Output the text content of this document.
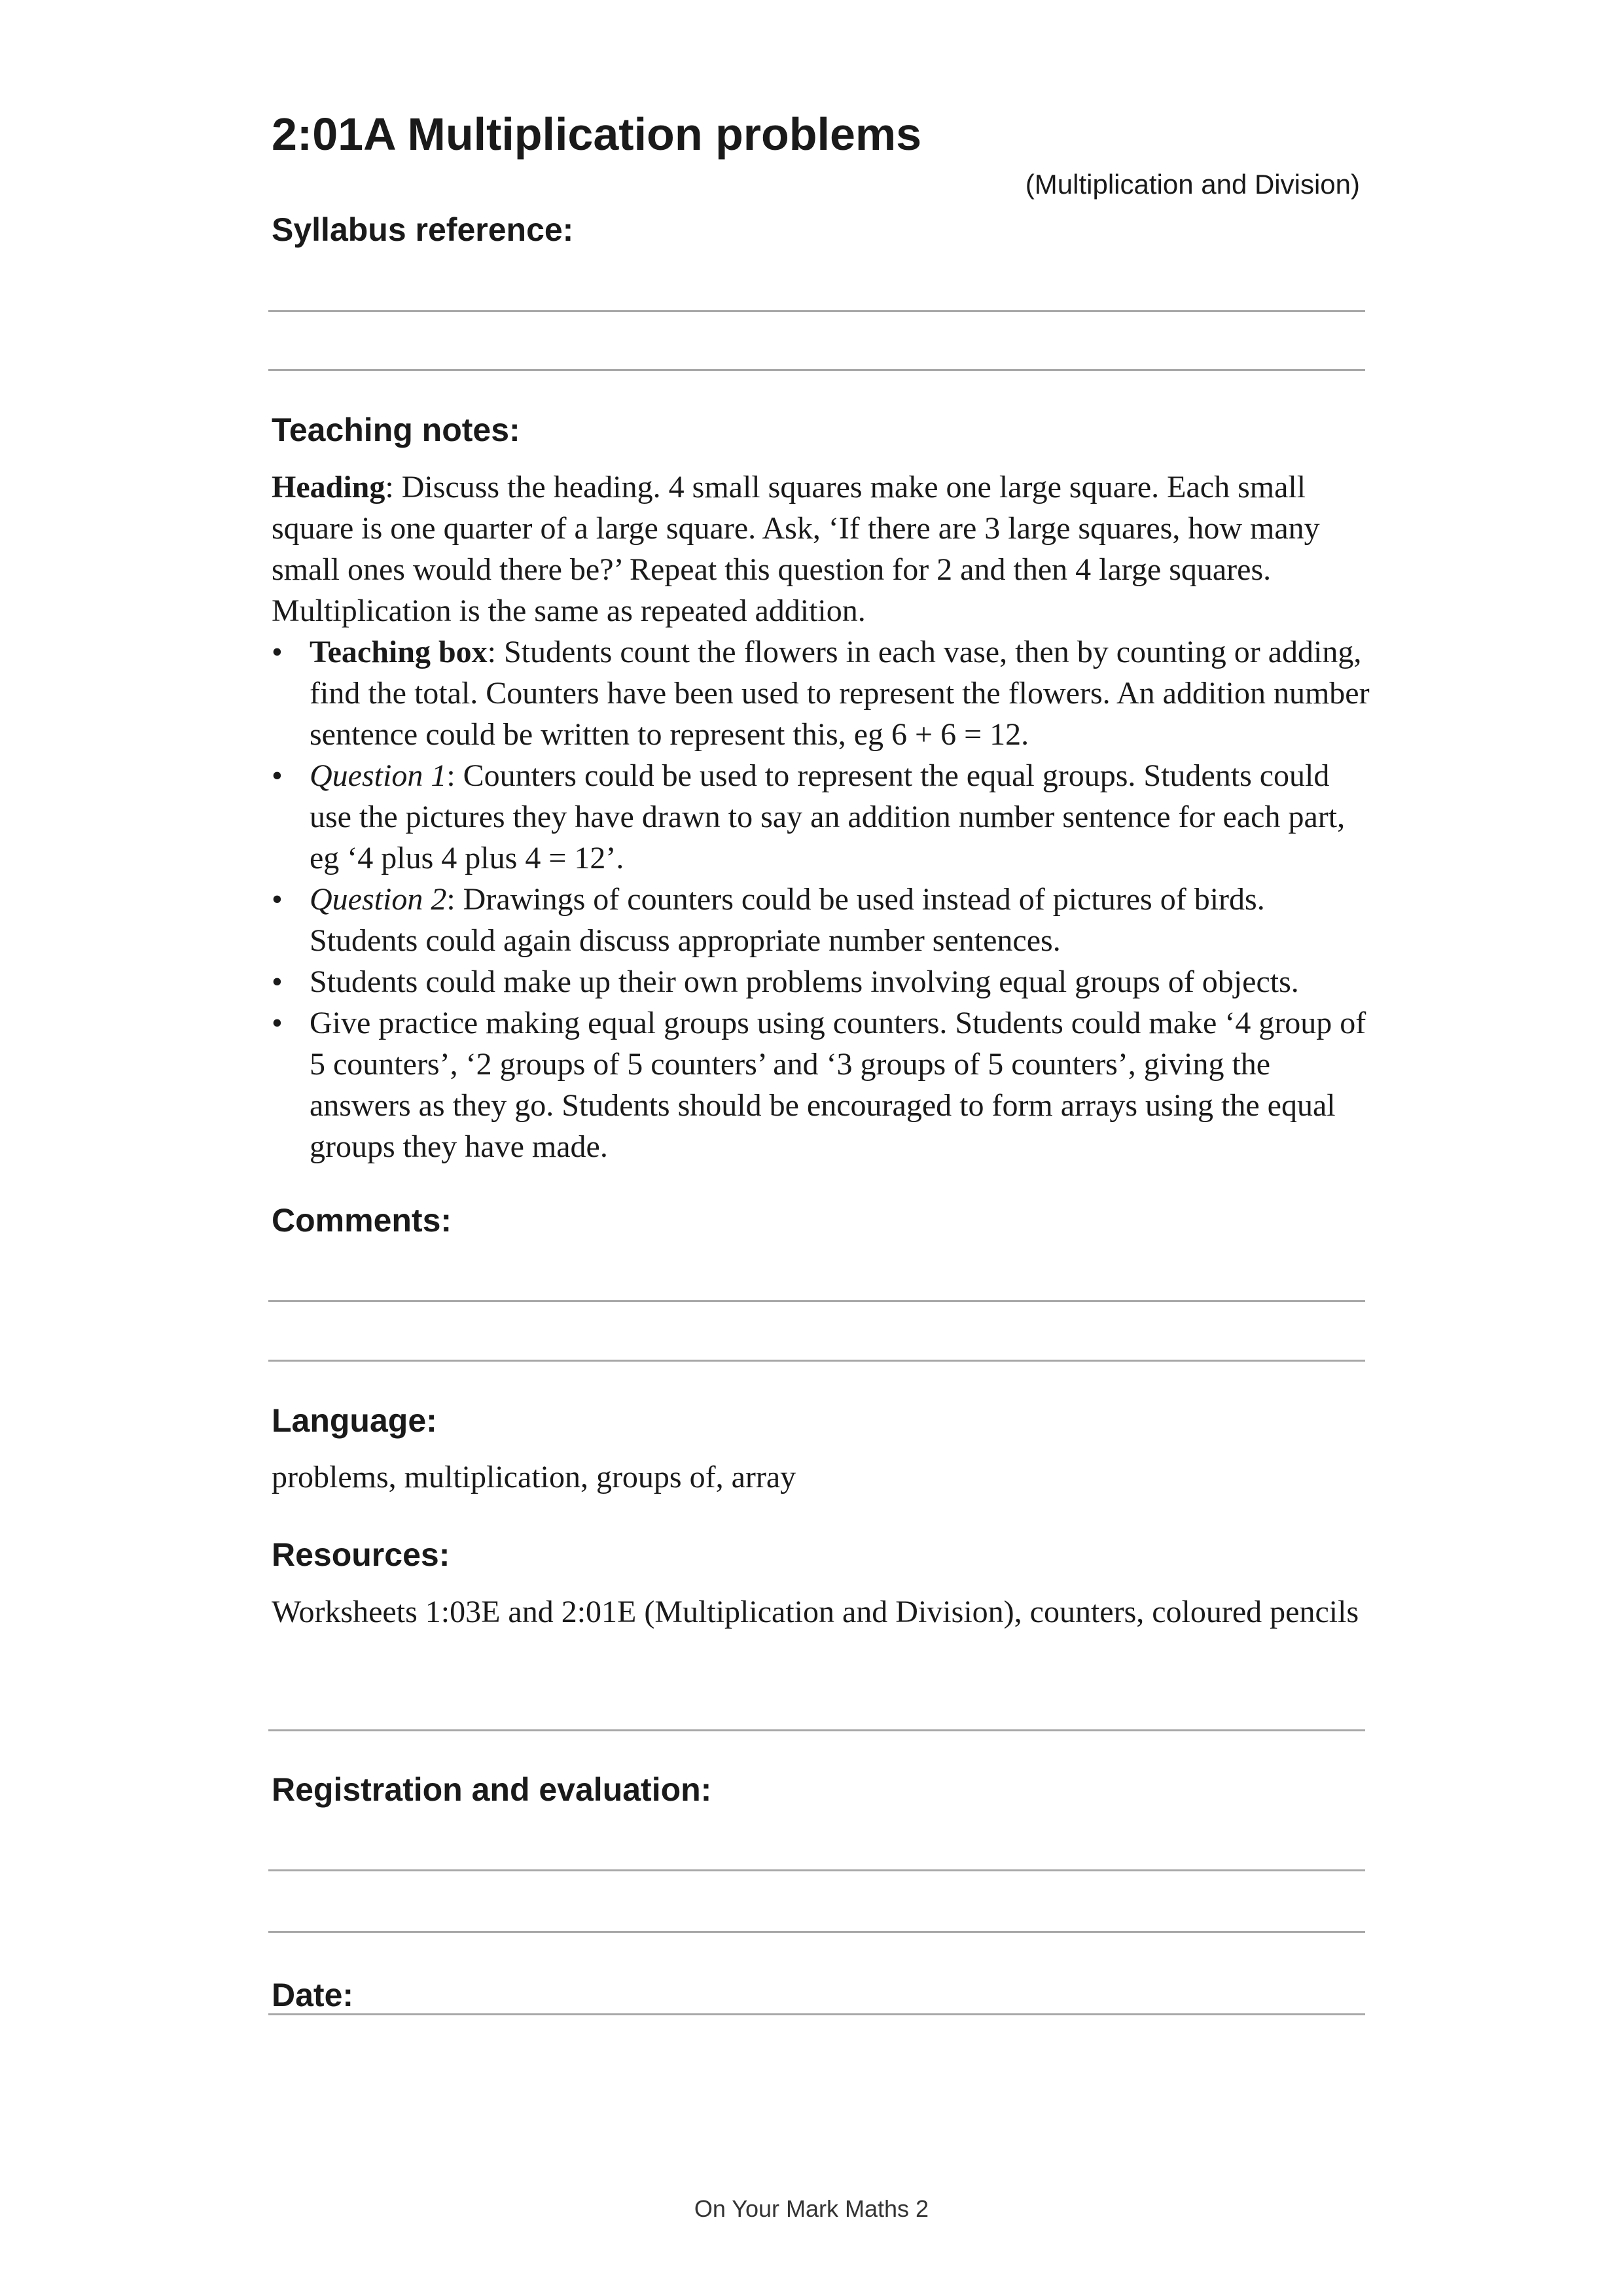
2:01A Multiplication problems
(Multiplication and Division)
Syllabus reference:
Teaching notes:

Heading: Discuss the heading. 4 small squares make one large square. Each small square is one quarter of a large square. Ask, ‘If there are 3 large squares, how many small ones would there be?’ Repeat this question for 2 and then 4 large squares. Multiplication is the same as repeated addition.

• Teaching box: Students count the flowers in each vase, then by counting or adding, find the total. Counters have been used to represent the flowers. An addition number sentence could be written to represent this, eg 6 + 6 = 12.
• Question 1: Counters could be used to represent the equal groups. Students could use the pictures they have drawn to say an addition number sentence for each part, eg ‘4 plus 4 plus 4 = 12’.
• Question 2: Drawings of counters could be used instead of pictures of birds. Students could again discuss appropriate number sentences.
• Students could make up their own problems involving equal groups of objects.
• Give practice making equal groups using counters. Students could make ‘4 group of 5 counters’, ‘2 groups of 5 counters’ and ‘3 groups of 5 counters’, giving the answers as they go. Students should be encouraged to form arrays using the equal groups they have made.
Comments:
Language:

problems, multiplication, groups of, array

Resources:

Worksheets 1:03E and 2:01E (Multiplication and Division), counters, coloured pencils

Registration and evaluation:
Date:
On Your Mark Maths 2
